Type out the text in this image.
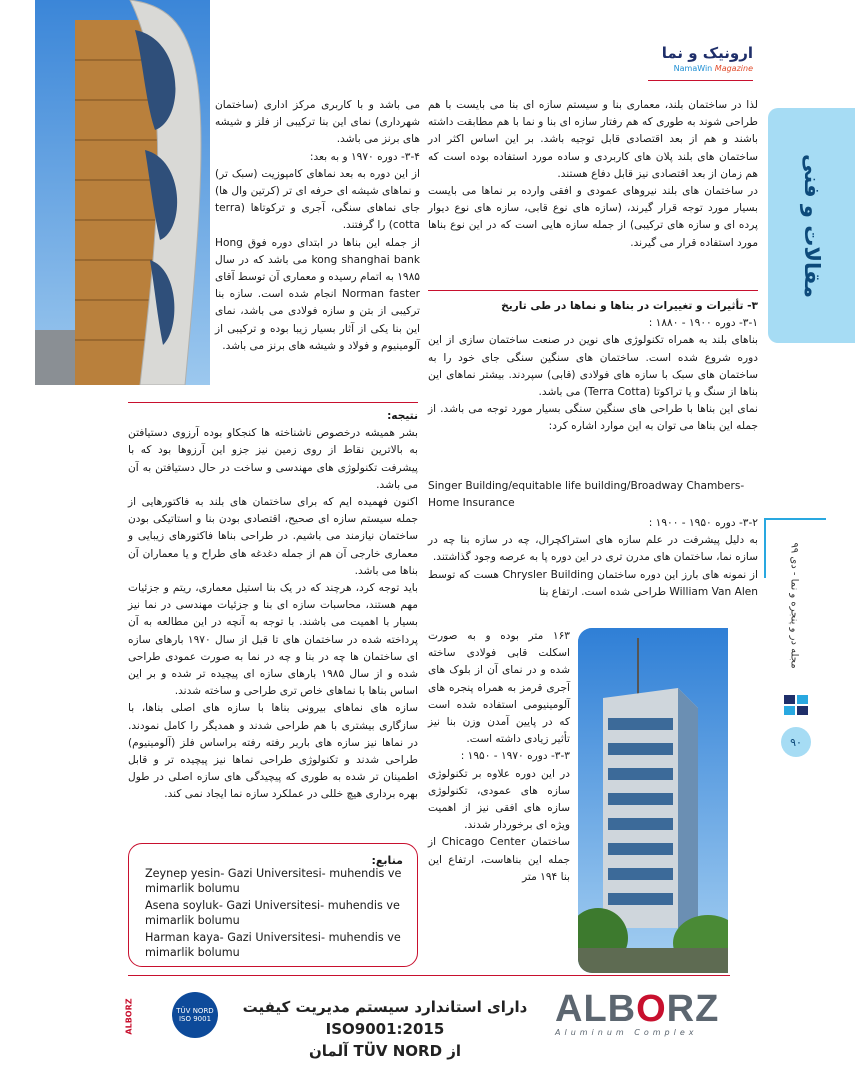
مقالات و فنی
ارونیک و نما
NamaWin Magazine

لذا در ساختمان بلند، معماری بنا و سیستم سازه ای بنا می بایست با هم طراحی شوند به طوری که هم رفتار سازه ای بنا و نما با هم مطابقت داشته باشند و هم از بعد اقتصادی قابل توجیه باشد. بر این اساس اکثر ادر ساختمان های بلند پلان های کاربردی و ساده مورد استفاده بوده است که هم زمان از بعد اقتصادی نیز قابل دفاع هستند.

در ساختمان های بلند نیروهای عمودی و افقی وارده بر نماها می بایست بسیار مورد توجه قرار گیرند، (سازه های نوع قابی، سازه های نوع دیوار پرده ای و سازه های ترکیبی) از جمله سازه هایی است که در این نوع بناها مورد استفاده قرار می گیرند.

۳- تأثیرات و تغییرات در بناها و نماها در طی تاریخ

۳-۱- دوره ۱۹۰۰ - ۱۸۸۰ :

بناهای بلند به همراه تکنولوژی های نوین در صنعت ساختمان سازی از این دوره شروع شده است. ساختمان های سنگین سنگی جای خود را به ساختمان های سبک با سازه های فولادی (قابی) سپردند. بیشتر نماهای این بناها از سنگ و یا تراکوتا (Terra Cotta) می باشد.

نمای این بناها با طراحی های سنگین سنگی بسیار مورد توجه می باشد. از جمله این بناها می توان به این موارد اشاره کرد:

Singer Building/equitable life building/Broadway Chambers-Home Insurance

۳-۲- دوره ۱۹۵۰ - ۱۹۰۰ :

به دلیل پیشرفت در علم سازه های استراکچرال، چه در سازه بنا چه در سازه نما، ساختمان های مدرن تری در این دوره پا به عرصه وجود گذاشتند.

از نمونه های بارز این دوره ساختمان Chrysler Building هست که توسط William Van Alen طراحی شده است. ارتفاع بنا

۱۶۳ متر بوده و به صورت اسکلت قابی فولادی ساخته شده و در نمای آن از بلوک های آجری قرمز به همراه پنجره های آلومینیومی استفاده شده است که در پایین آمدن وزن بنا نیز تأثیر زیادی داشته است.

۳-۳- دوره ۱۹۷۰ - ۱۹۵۰ :

در این دوره علاوه بر تکنولوژی سازه های عمودی، تکنولوژی سازه های افقی نیز از اهمیت ویژه ای برخوردار شدند.

ساختمان Chicago Center از جمله این بناهاست، ارتفاع این بنا ۱۹۴ متر

می باشد و با کاربری مرکز اداری (ساختمان شهرداری) نمای این بنا ترکیبی از فلز و شیشه های برنز می باشد.

۳-۴- دوره ۱۹۷۰ و به بعد:

از این دوره به بعد نماهای کامپوزیت (سبک تر) و نماهای شیشه ای حرفه ای تر (کرتین وال ها) جای نماهای سنگی، آجری و ترکوتاها (terra cotta) را گرفتند.

از جمله این بناها در ابتدای دوره فوق Hong kong shanghai bank می باشد که در سال ۱۹۸۵ به اتمام رسیده و معماری آن توسط آقای Norman faster انجام شده است. سازه بنا ترکیبی از بتن و سازه فولادی می باشد، نمای این بنا یکی از آثار بسیار زیبا بوده و ترکیبی از آلومینیوم و فولاد و شیشه های برنز می باشد.

نتیجه:

بشر همیشه درخصوص ناشناخته ها کنجکاو بوده آرزوی دستیافتن به بالاترین نقاط از روی زمین نیز جزو این آرزوها بود که با پیشرفت تکنولوژی های مهندسی و ساخت در حال دستیافتن به آن می باشد.

اکنون فهمیده ایم که برای ساختمان های بلند به فاکتورهایی از جمله سیستم سازه ای صحیح، اقتصادی بودن بنا و استاتیکی بودن ساختمان نیازمند می باشیم. در طراحی بناها فاکتورهای زیبایی و معماری خارجی آن هم از جمله دغدغه های طراح و یا معماران آن بناها می باشد.

باید توجه کرد، هرچند که در یک بنا استیل معماری، ریتم و جزئیات مهم هستند، محاسبات سازه ای بنا و جزئیات مهندسی در نما نیز بسیار با اهمیت می باشند. با توجه به آنچه در این مطالعه به آن پرداخته شده در ساختمان های تا قبل از سال ۱۹۷۰ بارهای سازه ای ساختمان ها چه در بنا و چه در نما به صورت عمودی طراحی شده و از سال ۱۹۸۵ بارهای سازه ای پیچیده تر شده و بر این اساس بناها با نماهای خاص تری طراحی و ساخته شدند.

سازه های نماهای بیرونی بناها با سازه های اصلی بناها، با سازگاری بیشتری با هم طراحی شدند و همدیگر را کامل نمودند. در نماها نیز سازه های باربر رفته رفته براساس فلز (آلومینیوم) طراحی شدند و تکنولوژی طراحی نماها نیز پیچیده تر و قابل اطمینان تر شده به طوری که پیچیدگی های سازه اصلی در طول بهره برداری هیچ خللی در عملکرد سازه نما ایجاد نمی کند.

منابع:
Zeynep yesin- Gazi Universitesi- muhendis ve mimarlik bolumu
Asena soyluk- Gazi Universitesi- muhendis ve mimarlik bolumu
Harman kaya- Gazi Universitesi- muhendis ve mimarlik bolumu
مجله در و پنجره و نما - دی ۹۹
۹۰
ALBORZ
Aluminum Complex
دارای استاندارد سیستم مدیریت کیفیت ISO9001:2015
از TÜV NORD آلمان
TÜV NORD ISO 9001
ALBORZ
